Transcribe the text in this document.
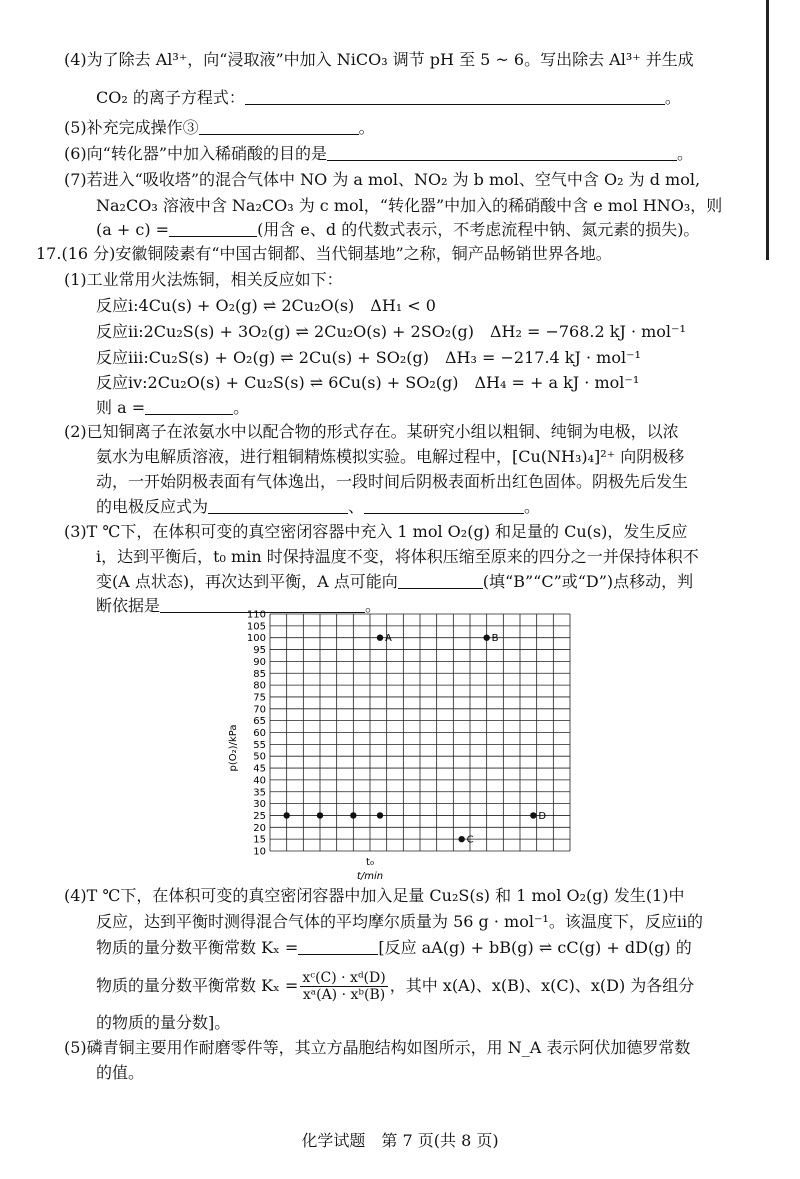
(4)为了除去 Al³⁺，向“浸取液”中加入 NiCO₃ 调节 pH 至 5 ~ 6。写出除去 Al³⁺ 并生成
CO₂ 的离子方程式：	。
(5)补充完成操作③	。
(6)向“转化器”中加入稀硝酸的目的是	。
(7)若进入“吸收塔”的混合气体中 NO 为 a mol、NO₂ 为 b mol、空气中含 O₂ 为 d mol,
Na₂CO₃ 溶液中含 Na₂CO₃ 为 c mol，“转化器”中加入的稀硝酸中含 e mol HNO₃，则
(a + c) =	(用含 e、d 的代数式表示，不考虑流程中钠、氮元素的损失)。
17.(16 分)安徽铜陵素有“中国古铜都、当代铜基地”之称，铜产品畅销世界各地。
(1)工业常用火法炼铜，相关反应如下：
反应ⅰ:4Cu(s) + O₂(g) ⇌ 2Cu₂O(s)　ΔH₁ < 0
反应ⅱ:2Cu₂S(s) + 3O₂(g) ⇌ 2Cu₂O(s) + 2SO₂(g)　ΔH₂ = −768.2 kJ · mol⁻¹
反应ⅲ:Cu₂S(s) + O₂(g) ⇌ 2Cu(s) + SO₂(g)　ΔH₃ = −217.4 kJ · mol⁻¹
反应ⅳ:2Cu₂O(s) + Cu₂S(s) ⇌ 6Cu(s) + SO₂(g)　ΔH₄ = + a kJ · mol⁻¹
则 a =	。
(2)已知铜离子在浓氨水中以配合物的形式存在。某研究小组以粗铜、纯铜为电极，以浓
氨水为电解质溶液，进行粗铜精炼模拟实验。电解过程中，[Cu(NH₃)₄]²⁺ 向阴极移
动，一开始阴极表面有气体逸出，一段时间后阴极表面析出红色固体。阴极先后发生
的电极反应式为	、	。
(3)T ℃下，在体积可变的真空密闭容器中充入 1 mol O₂(g) 和足量的 Cu(s)，发生反应
ⅰ，达到平衡后，t₀ min 时保持温度不变，将体积压缩至原来的四分之一并保持体积不
变(A 点状态)，再次达到平衡，A 点可能向	(填“B”“C”或“D”)点移动，判
断依据是	。
10
15
20
25
30
35
40
45
50
55
60
65
70
75
80
85
90
95
100
105
110
A	B
C
D
p(O₂)/kPa
t₀
t/min
(4)T ℃下，在体积可变的真空密闭容器中加入足量 Cu₂S(s) 和 1 mol O₂(g) 发生(1)中
反应，达到平衡时测得混合气体的平均摩尔质量为 56 g · mol⁻¹。该温度下，反应ⅱ的
物质的量分数平衡常数 Kₓ =	[反应 aA(g) + bB(g) ⇌ cC(g) + dD(g) 的
物质的量分数平衡常数 $K_x = \frac{\text{xᶜ(C) · xᵈ(D)}}{\text{xᵃ(A) · xᵇ(B)}}$ ，其中 x(A)、x(B)、x(C)、x(D) 为各组分
的物质的量分数]。
(5)磷青铜主要用作耐磨零件等，其立方晶胞结构如图所示，用 N_A 表示阿伏加德罗常数
的值。
化学试题　第 7 页(共 8 页)
